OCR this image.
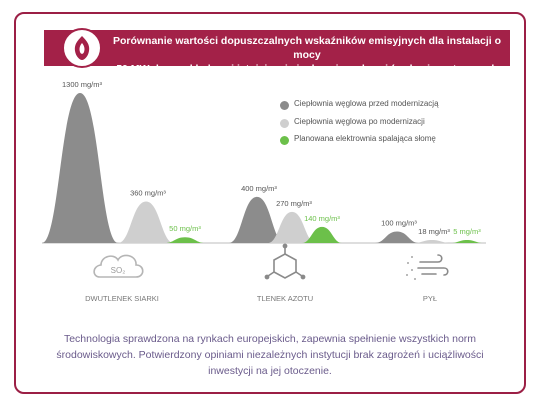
Porównanie wartości dopuszczalnych wskaźników emisyjnych dla instalacji o mocy
50 MW do przykładowej istniejącej ciepłowni węglowej (na bazie wytycznych BAT)
1300 mg/m³
400 mg/m³
100 mg/m³
360 mg/m³
270 mg/m³
18 mg/m³
50 mg/m³
140 mg/m³
5 mg/m³
SO₂
Ciepłownia węglowa przed modernizacją
Ciepłownia węglowa po modernizacji
Planowana elektrownia spalająca słomę
DWUTLENEK SIARKI	TLENEK AZOTU	PYŁ
Technologia sprawdzona na rynkach europejskich, zapewnia spełnienie wszystkich norm
środowiskowych. Potwierdzony opiniami niezależnych instytucji brak zagrożeń i uciążliwości
inwestycji na jej otoczenie.
